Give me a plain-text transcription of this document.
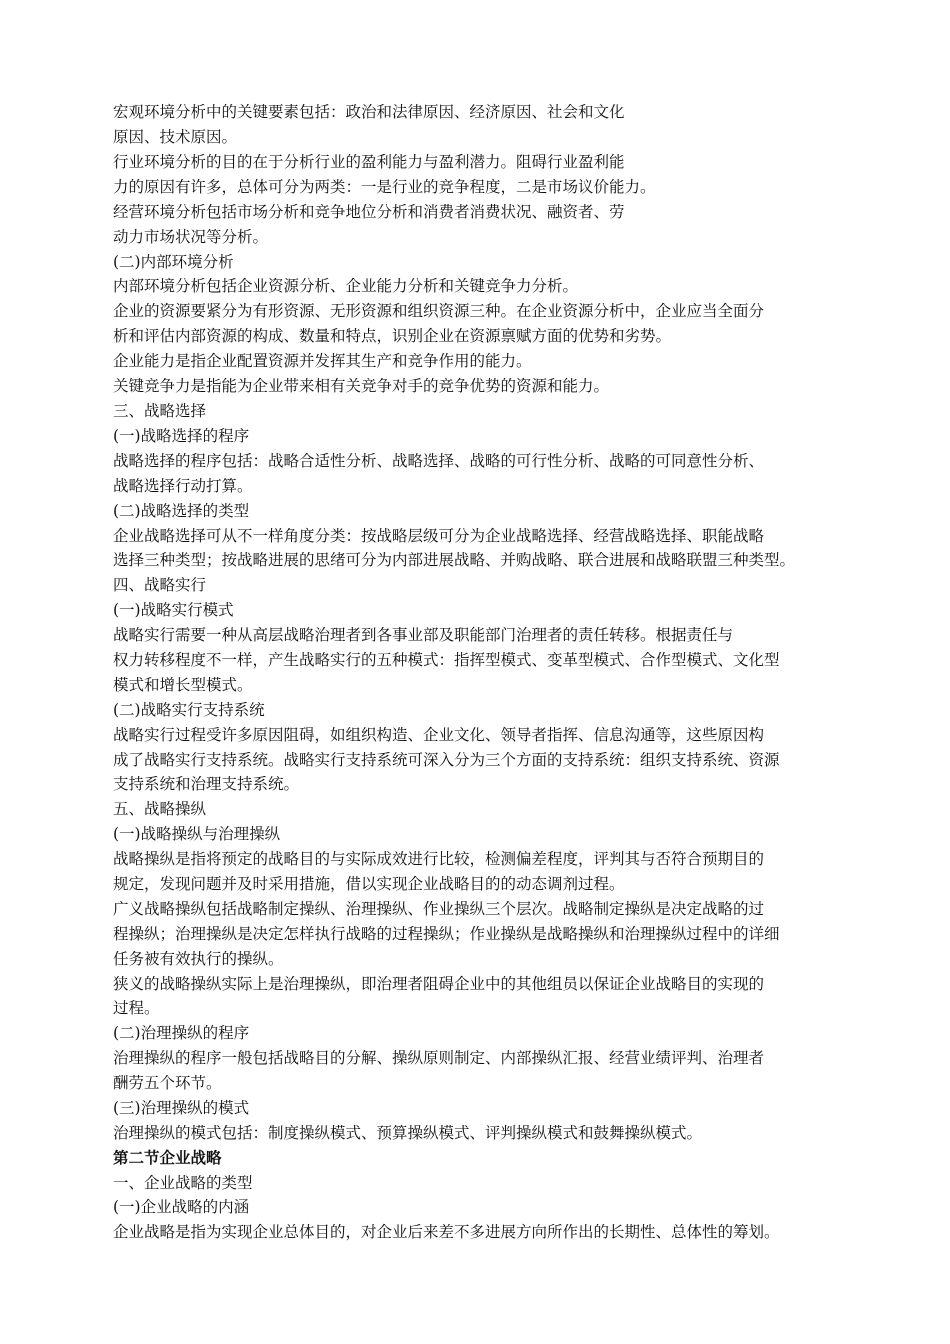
宏观环境分析中的关键要素包括：政治和法律原因、经济原因、社会和文化
原因、技术原因。
行业环境分析的目的在于分析行业的盈利能力与盈利潜力。阻碍行业盈利能
力的原因有许多，总体可分为两类：一是行业的竞争程度，二是市场议价能力。
经营环境分析包括市场分析和竞争地位分析和消费者消费状况、融资者、劳
动力市场状况等分析。
(二)内部环境分析
内部环境分析包括企业资源分析、企业能力分析和关键竞争力分析。
企业的资源要紧分为有形资源、无形资源和组织资源三种。在企业资源分析中，企业应当全面分
析和评估内部资源的构成、数量和特点，识别企业在资源禀赋方面的优势和劣势。
企业能力是指企业配置资源并发挥其生产和竞争作用的能力。
关键竞争力是指能为企业带来相有关竞争对手的竞争优势的资源和能力。
三、战略选择
(一)战略选择的程序
战略选择的程序包括：战略合适性分析、战略选择、战略的可行性分析、战略的可同意性分析、
战略选择行动打算。
(二)战略选择的类型
企业战略选择可从不一样角度分类：按战略层级可分为企业战略选择、经营战略选择、职能战略
选择三种类型；按战略进展的思绪可分为内部进展战略、并购战略、联合进展和战略联盟三种类型。
四、战略实行
(一)战略实行模式
战略实行需要一种从高层战略治理者到各事业部及职能部门治理者的责任转移。根据责任与
权力转移程度不一样，产生战略实行的五种模式：指挥型模式、变革型模式、合作型模式、文化型
模式和增长型模式。
(二)战略实行支持系统
战略实行过程受许多原因阻碍，如组织构造、企业文化、领导者指挥、信息沟通等，这些原因构
成了战略实行支持系统。战略实行支持系统可深入分为三个方面的支持系统：组织支持系统、资源
支持系统和治理支持系统。
五、战略操纵
(一)战略操纵与治理操纵
战略操纵是指将预定的战略目的与实际成效进行比较，检测偏差程度，评判其与否符合预期目的
规定，发现问题并及时采用措施，借以实现企业战略目的的动态调剂过程。
广义战略操纵包括战略制定操纵、治理操纵、作业操纵三个层次。战略制定操纵是决定战略的过
程操纵；治理操纵是决定怎样执行战略的过程操纵；作业操纵是战略操纵和治理操纵过程中的详细
任务被有效执行的操纵。
狭义的战略操纵实际上是治理操纵，即治理者阻碍企业中的其他组员以保证企业战略目的实现的
过程。
(二)治理操纵的程序
治理操纵的程序一般包括战略目的分解、操纵原则制定、内部操纵汇报、经营业绩评判、治理者
酬劳五个环节。
(三)治理操纵的模式
治理操纵的模式包括：制度操纵模式、预算操纵模式、评判操纵模式和鼓舞操纵模式。
第二节企业战略
一、企业战略的类型
(一)企业战略的内涵
企业战略是指为实现企业总体目的，对企业后来差不多进展方向所作出的长期性、总体性的筹划。
